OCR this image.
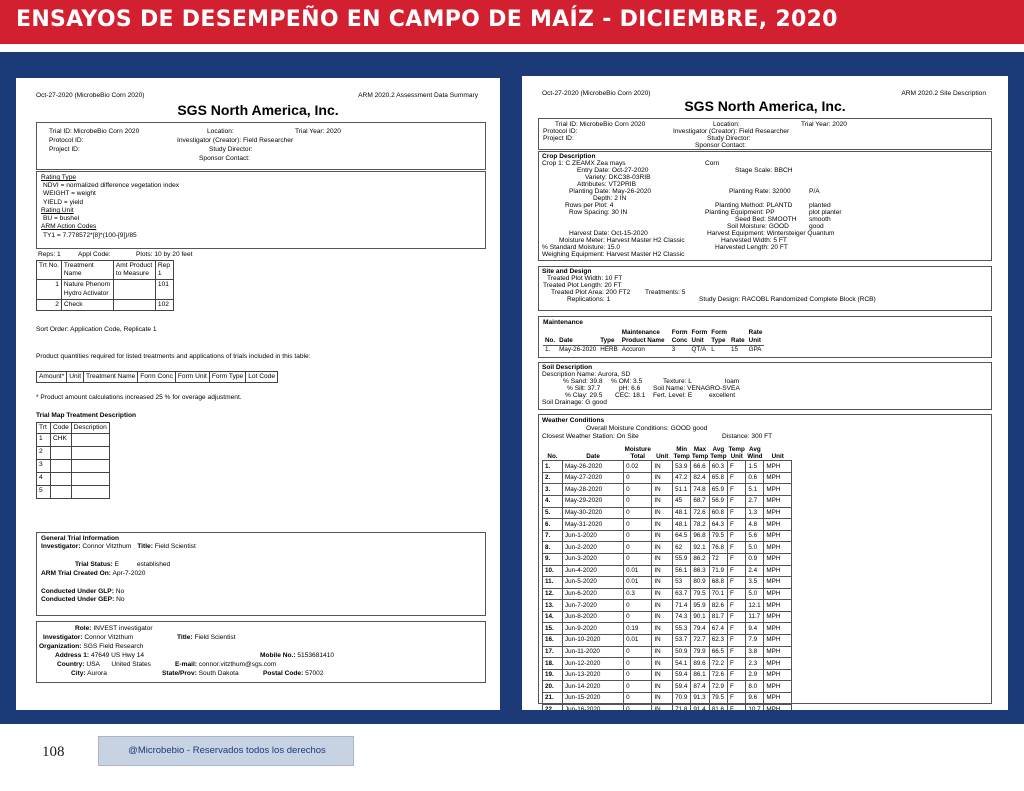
ENSAYOS DE DESEMPEÑO EN CAMPO DE MAÍZ - DICIEMBRE, 2020
Oct-27-2020 (MicrobeBio Corn 2020)	ARM 2020.2 Assessment Data Summary
SGS North America, Inc.
Trial ID: MicrobeBio Corn 2020	Location:	Trial Year: 2020
Protocol ID:	Investigator (Creator): Field Researcher
Project ID:	Study Director:
Sponsor Contact:
Rating Type
NDVI = normalized difference vegetation index
WEIGHT = weight
YIELD = yield
Rating Unit
BU = bushel
ARM Action Codes
TY1 = 7.778572*[8]*(100-[9])/85
Reps: 1	Appl Code:	Plots: 10 by 20 feet
Trt No.	Treatment Name	Amt Product to Measure	Rep 1
1	Nature Phenom Hydro Activator		101
2	Check		102
Sort Order: Application Code, Replicate 1
Product quantities required for listed treatments and applications of trials included in this table:
Amount*	Unit	Treatment Name	Form Conc	Form Unit	Form Type	Lot Code
* Product amount calculations increased 25 % for overage adjustment.
Trial Map Treatment Description
Trt	Code	Description
1	CHK	
2		
3		
4		
5		
General Trial Information
Investigator: Connor Vitzthum Title: Field Scientist
Trial Status: E	established
ARM Trial Created On: Apr-7-2020
Conducted Under GLP: No
Conducted Under GEP: No
Role: INVEST investigator
Investigator: Connor Vitzthum	Title: Field Scientist
Organization: SGS Field Research
Address 1: 47649 US Hwy 14	Mobile No.: 5153681410
Country: USA United States	E-mail: connor.vitzthum@sgs.com
City: Aurora	State/Prov: South Dakota	Postal Code: 57002
Oct-27-2020 (MicrobeBio Corn 2020)	ARM 2020.2 Site Description
SGS North America, Inc.
Trial ID: MicrobeBio Corn 2020	Location:	Trial Year: 2020
Protocol ID:	Investigator (Creator): Field Researcher
Project ID:	Study Director:
Sponsor Contact:
Crop Description
Crop 1: C ZEAMX Zea mays	Corn
Entry Date: Oct-27-2020	Stage Scale: BBCH
Variety: DKC38-03RIB
Attributes: VT2PRIB
Planting Date: May-26-2020	Planting Rate: 32000	P/A
Depth: 2 IN
Rows per Plot: 4	Planting Method: PLANTD	planted
Row Spacing: 30 IN	Planting Equipment: PP	plot planter
Seed Bed: SMOOTH smooth
Soil Moisture: GOOD	good
Harvest Date: Oct-15-2020	Harvest Equipment: Wintersteiger Quantum
Moisture Meter: Harvest Master H2 Classic	Harvested Width: 5 FT
% Standard Moisture: 15.0	Harvested Length: 20 FT
Weighing Equipment: Harvest Master H2 Classic
Site and Design
Treated Plot Width: 10 FT
Treated Plot Length: 20 FT
Treated Plot Area: 200 FT2 Treatments: 5
Replications: 1	Study Design: RACOBL Randomized Complete Block (RCB)
Maintenance
No.	Date	Type	Maintenance Product Name	Form Conc	Form Unit	Form Type	Rate	Rate Unit
1.	May-26-2020	HERB	Accuron	3	QT/A	L	15	GPA
Soil Description
Description Name: Aurora, SD
% Sand: 39.8 % OM: 3.5	Texture: L	loam
% Silt: 37.7	pH: 6.6 Soil Name: VENAGRO-SVEA
% Clay: 29.5 CEC: 18.1 Fert. Level: E	excellent
Soil Drainage: G good
Weather Conditions
Overall Moisture Conditions: GOOD good
Closest Weather Station: On Site	Distance: 300 FT
No.	Date	Moisture Total	Unit	Min Temp	Max Temp	Avg Temp	Temp Unit	Avg Wind	Unit
1.	May-26-2020	0.02	IN	53.9	66.6	60.3	F	1.5	MPH
2.	May-27-2020	0	IN	47.2	82.4	65.8	F	0.6	MPH
3.	May-28-2020	0	IN	51.1	74.8	65.9	F	5.1	MPH
4.	May-29-2020	0	IN	45	68.7	56.9	F	2.7	MPH
5.	May-30-2020	0	IN	48.1	72.6	60.8	F	1.3	MPH
6.	May-31-2020	0	IN	48.1	78.2	64.3	F	4.8	MPH
7.	Jun-1-2020	0	IN	64.5	96.8	79.5	F	5.6	MPH
8.	Jun-2-2020	0	IN	62	92.1	76.8	F	5.0	MPH
9.	Jun-3-2020	0	IN	55.9	86.2	72	F	0.9	MPH
10.	Jun-4-2020	0.01	IN	56.1	86.3	71.9	F	2.4	MPH
11.	Jun-5-2020	0.01	IN	53	80.9	68.8	F	3.5	MPH
12.	Jun-6-2020	0.3	IN	63.7	79.5	70.1	F	5.0	MPH
13.	Jun-7-2020	0	IN	71.4	95.9	82.6	F	12.1	MPH
14.	Jun-8-2020	0	IN	74.3	90.1	81.7	F	11.7	MPH
15.	Jun-9-2020	0.19	IN	55.3	79.4	67.4	F	9.4	MPH
16.	Jun-10-2020	0.01	IN	53.7	72.7	62.3	F	7.9	MPH
17.	Jun-11-2020	0	IN	50.9	79.9	66.5	F	3.8	MPH
18.	Jun-12-2020	0	IN	54.1	89.6	72.2	F	2.3	MPH
19.	Jun-13-2020	0	IN	59.4	86.1	72.6	F	2.9	MPH
20.	Jun-14-2020	0	IN	59.4	87.4	72.9	F	8.0	MPH
21.	Jun-15-2020	0	IN	70.9	91.3	79.5	F	9.6	MPH
22.	Jun-16-2020	0	IN	71.8	91.4	81.6	F	10.7	MPH
108	@Microbebio - Reservados todos los derechos
